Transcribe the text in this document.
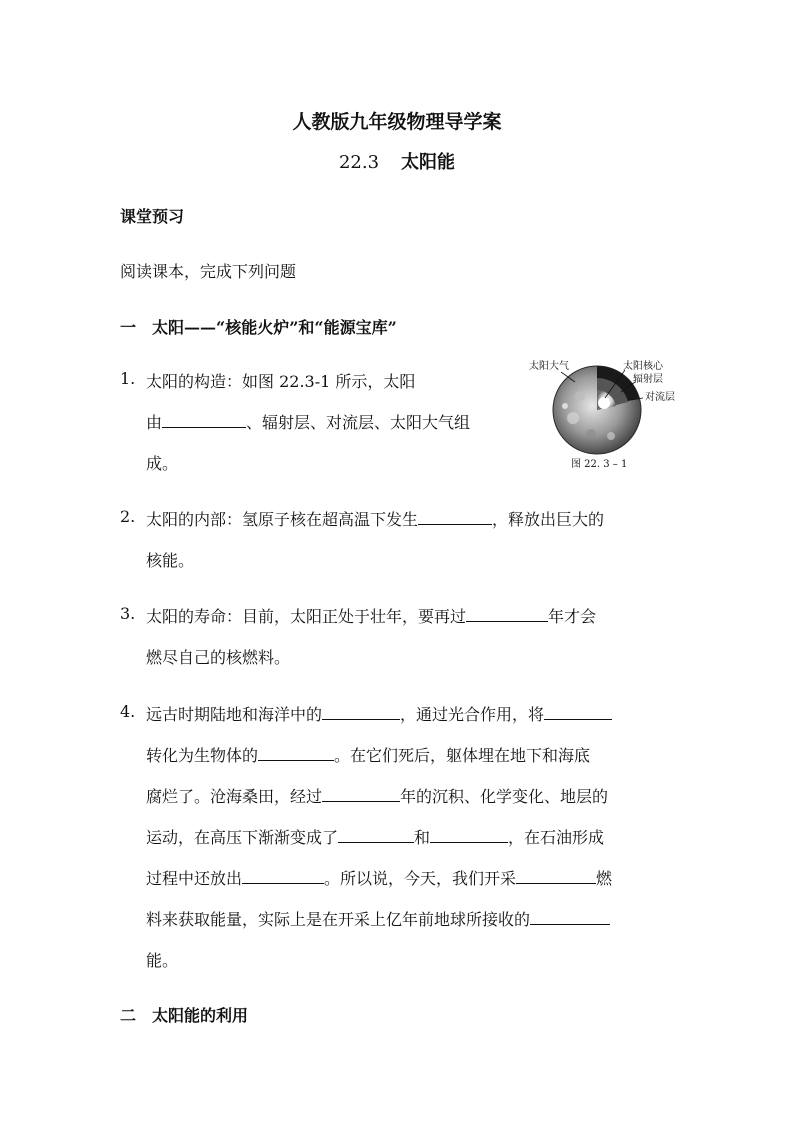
人教版九年级物理导学案
22.3 太阳能
课堂预习
阅读课本，完成下列问题
一　太阳——“核能火炉”和“能源宝库”
1. 太阳的构造：如图 22.3-1 所示，太阳
由	、辐射层、对流层、太阳大气组
成。
太阳大气	太阳核心
辐射层
对流层
图 22. 3 – 1
2. 太阳的内部：氢原子核在超高温下发生	，释放出巨大的
核能。
3. 太阳的寿命：目前，太阳正处于壮年，要再过	年才会
燃尽自己的核燃料。
4. 远古时期陆地和海洋中的	，通过光合作用，将
转化为生物体的	。在它们死后，躯体埋在地下和海底
腐烂了。沧海桑田，经过	年的沉积、化学变化、地层的
运动，在高压下渐渐变成了	和	，在石油形成
过程中还放出	。所以说，今天，我们开采	燃
料来获取能量，实际上是在开采上亿年前地球所接收的
能。
二　太阳能的利用
